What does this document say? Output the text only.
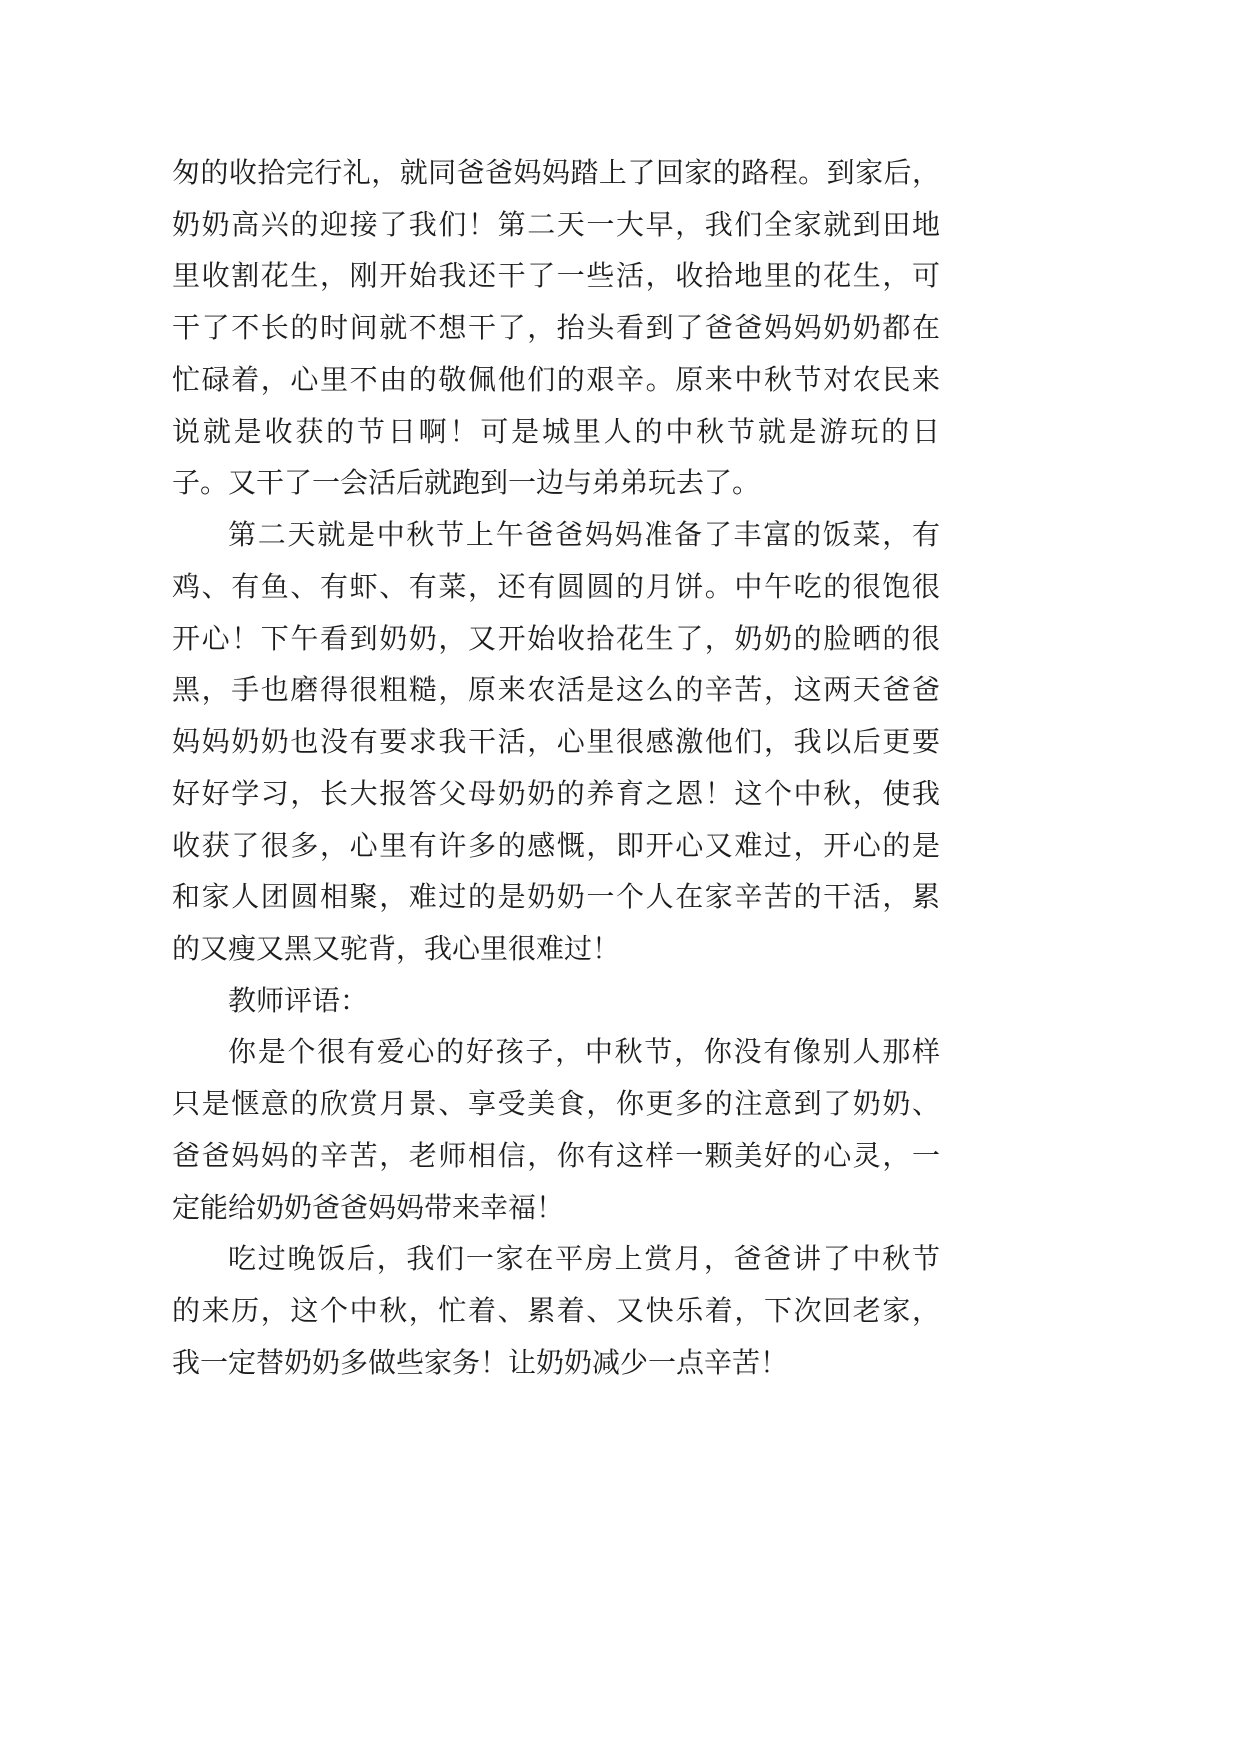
匆的收拾完行礼，就同爸爸妈妈踏上了回家的路程。到家后，
奶奶高兴的迎接了我们！第二天一大早，我们全家就到田地
里收割花生，刚开始我还干了一些活，收拾地里的花生，可
干了不长的时间就不想干了，抬头看到了爸爸妈妈奶奶都在
忙碌着，心里不由的敬佩他们的艰辛。原来中秋节对农民来
说就是收获的节日啊！可是城里人的中秋节就是游玩的日
子。又干了一会活后就跑到一边与弟弟玩去了。
第二天就是中秋节上午爸爸妈妈准备了丰富的饭菜，有
鸡、有鱼、有虾、有菜，还有圆圆的月饼。中午吃的很饱很
开心！下午看到奶奶，又开始收拾花生了，奶奶的脸晒的很
黑，手也磨得很粗糙，原来农活是这么的辛苦，这两天爸爸
妈妈奶奶也没有要求我干活，心里很感激他们，我以后更要
好好学习，长大报答父母奶奶的养育之恩！这个中秋，使我
收获了很多，心里有许多的感慨，即开心又难过，开心的是
和家人团圆相聚，难过的是奶奶一个人在家辛苦的干活，累
的又瘦又黑又驼背，我心里很难过！
教师评语：
你是个很有爱心的好孩子，中秋节，你没有像别人那样
只是惬意的欣赏月景、享受美食，你更多的注意到了奶奶、
爸爸妈妈的辛苦，老师相信，你有这样一颗美好的心灵，一
定能给奶奶爸爸妈妈带来幸福！
吃过晚饭后，我们一家在平房上赏月，爸爸讲了中秋节
的来历，这个中秋，忙着、累着、又快乐着，下次回老家，
我一定替奶奶多做些家务！让奶奶减少一点辛苦！
